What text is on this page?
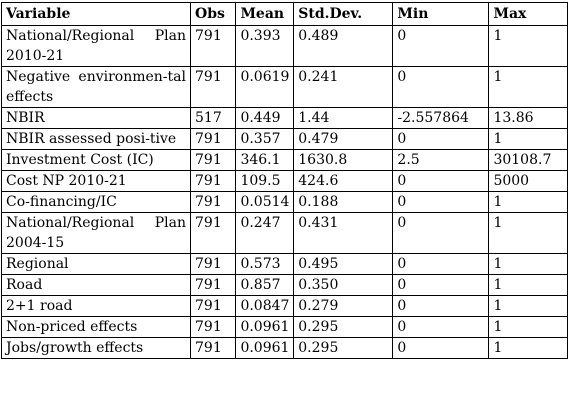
Variable	Obs	Mean	Std.Dev.	Min	Max
National/Regional Plan 2010-21	791	0.393	0.489	0	1
Negative environmen-tal effects	791	0.0619	0.241	0	1
NBIR	517	0.449	1.44	-2.557864	13.86
NBIR assessed posi-tive	791	0.357	0.479	0	1
Investment Cost (IC)	791	346.1	1630.8	2.5	30108.7
Cost NP 2010-21	791	109.5	424.6	0	5000
Co-financing/IC	791	0.0514	0.188	0	1
National/Regional Plan 2004-15	791	0.247	0.431	0	1
Regional	791	0.573	0.495	0	1
Road	791	0.857	0.350	0	1
2+1 road	791	0.0847	0.279	0	1
Non-priced effects	791	0.0961	0.295	0	1
Jobs/growth effects	791	0.0961	0.295	0	1
